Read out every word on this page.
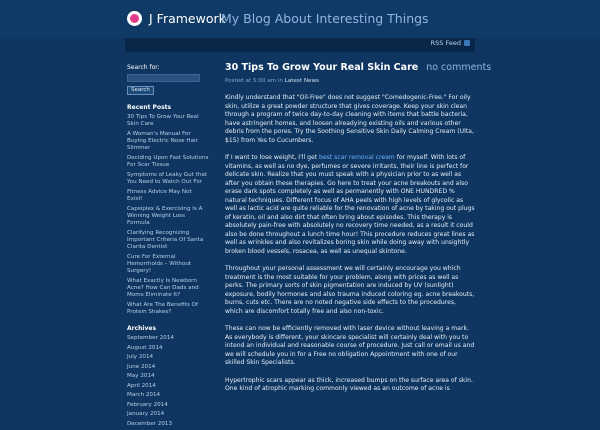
J Framework
My Blog About Interesting Things
RSS Feed
Search for:
Search
Recent Posts
30 Tips To Grow Your Real Skin Care
A Woman's Manual For Buying Electric Nose Hair Slimmer
Deciding Upon Fast Solutions For Scar Tissue
Symptoms of Leaky Gut that You Need to Watch Out For
Fitness Advice May Not Exist!
Capsiplex & Exercising Is A Winning Weight Loss Formula
Clarifying Recognizing Important Criteria Of Santa Clarita Dentist
Cure For External Hemorrhoids – Without Surgery!
What Exactly Is Newborn Acne? How Can Dads and Moms Eliminate It?
What Are The Benefits Of Protein Shakes?
Archives
September 2014
August 2014
July 2014
June 2014
May 2014
April 2014
March 2014
February 2014
January 2014
December 2013
30 Tips To Grow Your Real Skin Care no comments
Posted at 5:00 am in Latest News

Kindly understand that "Oil-Free" does not suggest "Comedogenic-Free." For oily skin, utilize a great powder structure that gives coverage. Keep your skin clean through a program of twice day-to-day cleaning with items that battle bacteria, have astringent homes, and loosen alreadying existing oils and various other debris from the pores. Try the Soothing Sensitive Skin Daily Calming Cream (Ulta, $15) from Yes to Cucumbers.

If I want to lose weight, I'll get best scar removal cream for myself. With lots of vitamins, as well as no dye, perfumes or severe irritants, their line is perfect for delicate skin. Realize that you must speak with a physician prior to as well as after you obtain these therapies. Go here to treat your acne breakouts and also erase dark spots completely as well as permanently with ONE HUNDRED % natural techniques. Different focus of AHA peels with high levels of glycolic as well as lactic acid are quite reliable for the renovation of acne by taking out plugs of keratin, oil and also dirt that often bring about episodes. This therapy is absolutely pain-free with absolutely no recovery time needed, as a result it could also be done throughout a lunch time hour! This procedure reduces great lines as well as wrinkles and also revitalizes boring skin while doing away with unsightly broken blood vessels, rosacea, as well as unequal skintone.

Throughout your personal assessment we will certainly encourage you which treatment is the most suitable for your problem, along with prices as well as perks. The primary sorts of skin pigmentation are induced by UV (sunlight) exposure, bodily hormones and also trauma induced coloring eg. acne breakouts, burns, cuts etc. There are no noted negative side effects to the procedures, which are discomfort totally free and also non-toxic.

These can now be efficiently removed with laser device without leaving a mark. As everybody is different, your skincare specialist will certainly deal with you to intend an individual and reasonable course of procedure. Just call or email us and we will schedule you in for a Free no obligation Appointment with one of our skilled Skin Specialists.

Hypertrophic scars appear as thick, increased bumps on the surface area of skin. One kind of atrophic marking commonly viewed as an outcome of acne is
